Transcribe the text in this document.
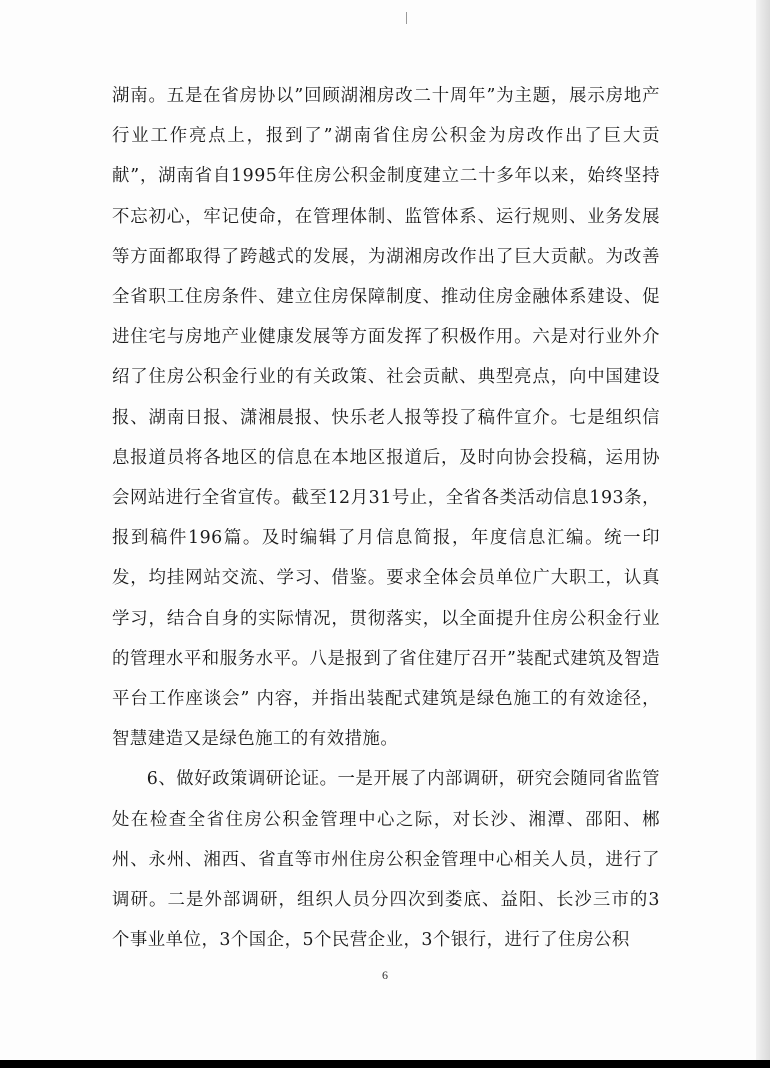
湖南。五是在省房协以”回顾湖湘房改二十周年”为主题，展示房地产行业工作亮点上，报到了”湖南省住房公积金为房改作出了巨大贡献”，湖南省自1995年住房公积金制度建立二十多年以来，始终坚持不忘初心，牢记使命，在管理体制、监管体系、运行规则、业务发展等方面都取得了跨越式的发展，为湖湘房改作出了巨大贡献。为改善全省职工住房条件、建立住房保障制度、推动住房金融体系建设、促进住宅与房地产业健康发展等方面发挥了积极作用。六是对行业外介绍了住房公积金行业的有关政策、社会贡献、典型亮点，向中国建设报、湖南日报、潇湘晨报、快乐老人报等投了稿件宣介。七是组织信息报道员将各地区的信息在本地区报道后，及时向协会投稿，运用协会网站进行全省宣传。截至12月31号止，全省各类活动信息193条，报到稿件196篇。及时编辑了月信息简报，年度信息汇编。统一印发，均挂网站交流、学习、借鉴。要求全体会员单位广大职工，认真学习，结合自身的实际情况，贯彻落实，以全面提升住房公积金行业的管理水平和服务水平。八是报到了省住建厅召开”装配式建筑及智造平台工作座谈会” 内容，并指出装配式建筑是绿色施工的有效途径，智慧建造又是绿色施工的有效措施。

6、做好政策调研论证。一是开展了内部调研，研究会随同省监管处在检查全省住房公积金管理中心之际，对长沙、湘潭、邵阳、郴州、永州、湘西、省直等市州住房公积金管理中心相关人员，进行了调研。二是外部调研，组织人员分四次到娄底、益阳、长沙三市的3个事业单位，3个国企，5个民营企业，3个银行，进行了住房公积

6
